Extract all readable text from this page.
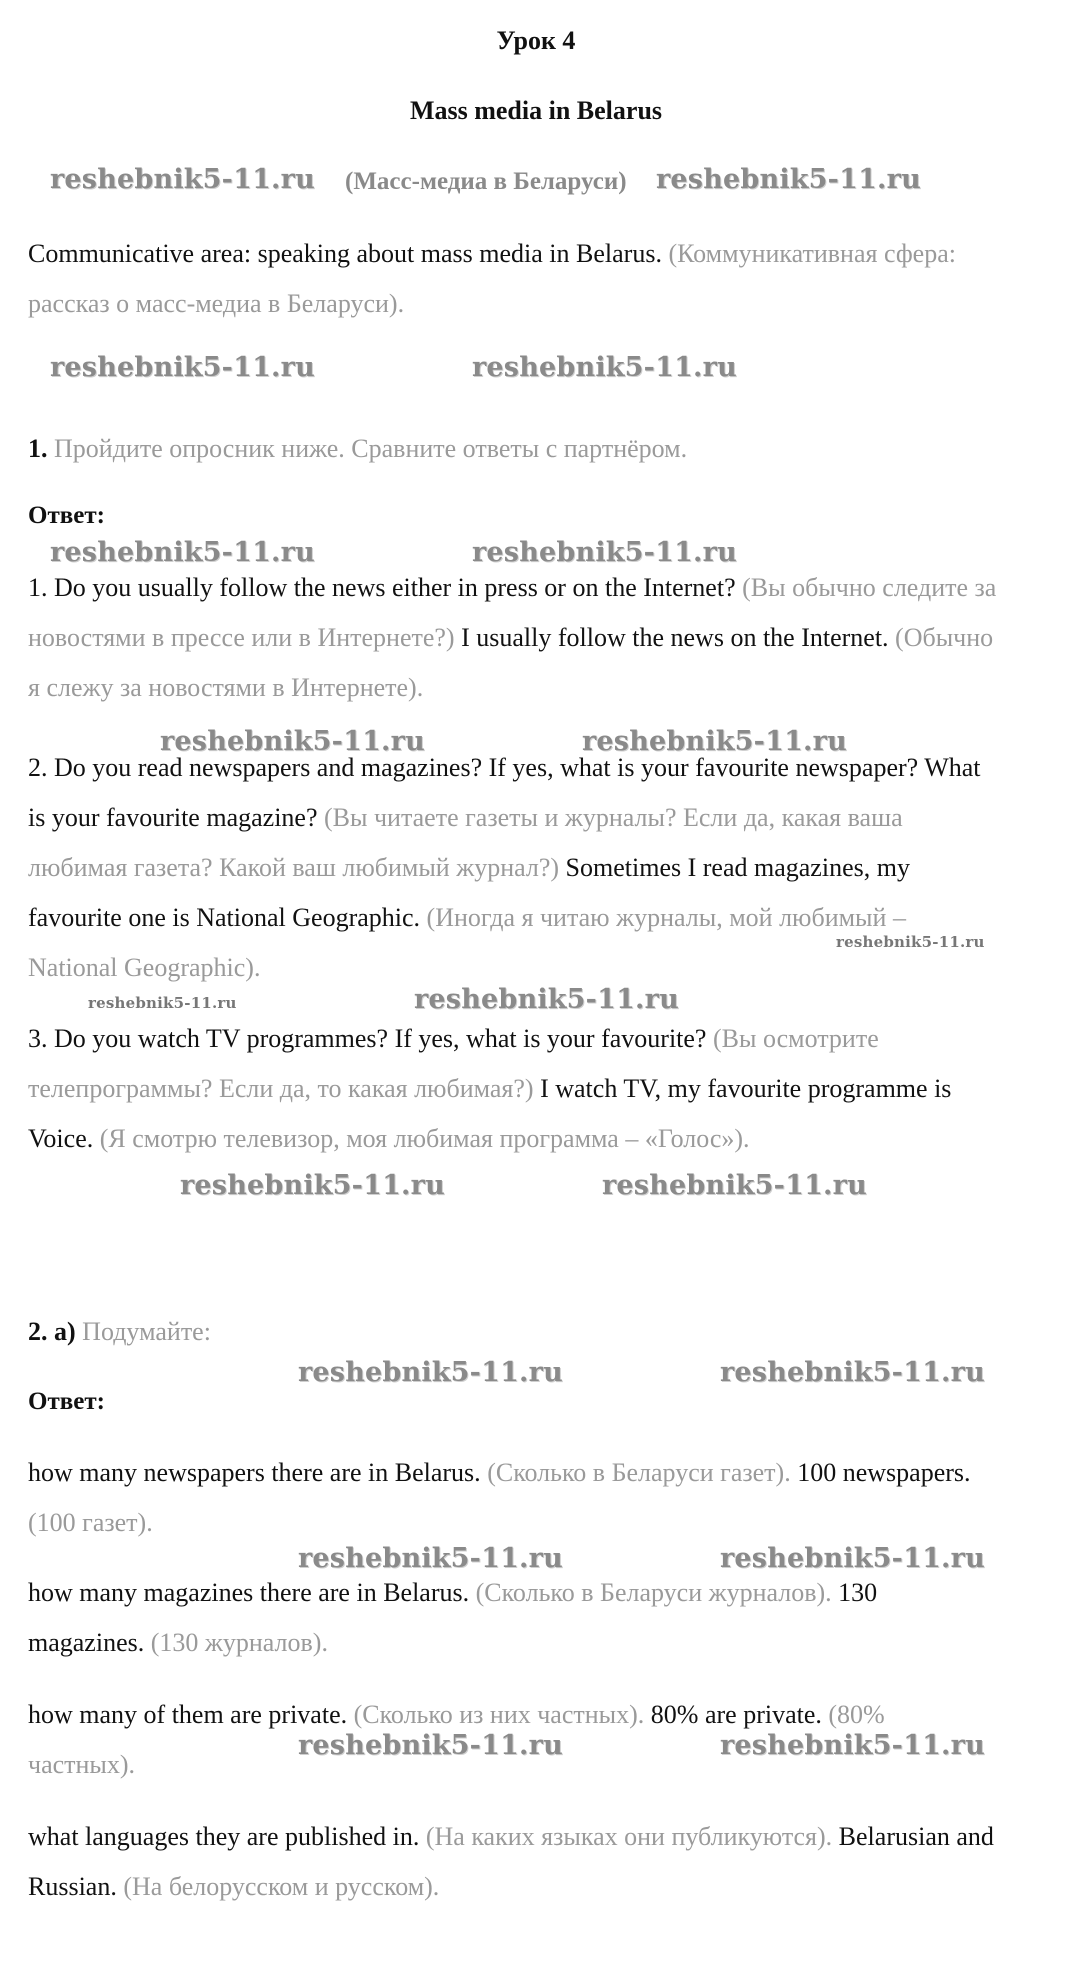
Урок 4
Mass media in Belarus
reshebnik5-11.ru (Масс-медиа в Беларуси) reshebnik5-11.ru
Communicative area: speaking about mass media in Belarus. (Коммуникативная сфера: рассказ о масс-медиа в Беларуси).
reshebnik5-11.ru	reshebnik5-11.ru
1. Пройдите опросник ниже. Сравните ответы с партнёром.
Ответ:
reshebnik5-11.ru	reshebnik5-11.ru
1. Do you usually follow the news either in press or on the Internet? (Вы обычно следите за новостями в прессе или в Интернете?) I usually follow the news on the Internet. (Обычно я слежу за новостями в Интернете).
reshebnik5-11.ru	reshebnik5-11.ru
2. Do you read newspapers and magazines? If yes, what is your favourite newspaper? What is your favourite magazine? (Вы читаете газеты и журналы? Если да, какая ваша любимая газета? Какой ваш любимый журнал?) Sometimes I read magazines, my favourite one is National Geographic. (Иногда я читаю журналы, мой любимый – National Geographic).
reshebnik5-11.ru
reshebnik5-11.ru	reshebnik5-11.ru
3. Do you watch TV programmes? If yes, what is your favourite? (Вы осмотрите телепрограммы? Если да, то какая любимая?) I watch TV, my favourite programme is Voice. (Я смотрю телевизор, моя любимая программа – «Голос»).
reshebnik5-11.ru	reshebnik5-11.ru
2. а) Подумайте:
reshebnik5-11.ru	reshebnik5-11.ru
Ответ:
how many newspapers there are in Belarus. (Сколько в Беларуси газет). 100 newspapers. (100 газет).
reshebnik5-11.ru	reshebnik5-11.ru
how many magazines there are in Belarus. (Сколько в Беларуси журналов). 130 magazines. (130 журналов).
how many of them are private. (Сколько из них частных). 80% are private. (80% частных).
reshebnik5-11.ru	reshebnik5-11.ru
what languages they are published in. (На каких языках они публикуются). Belarusian and Russian. (На белорусском и русском).
